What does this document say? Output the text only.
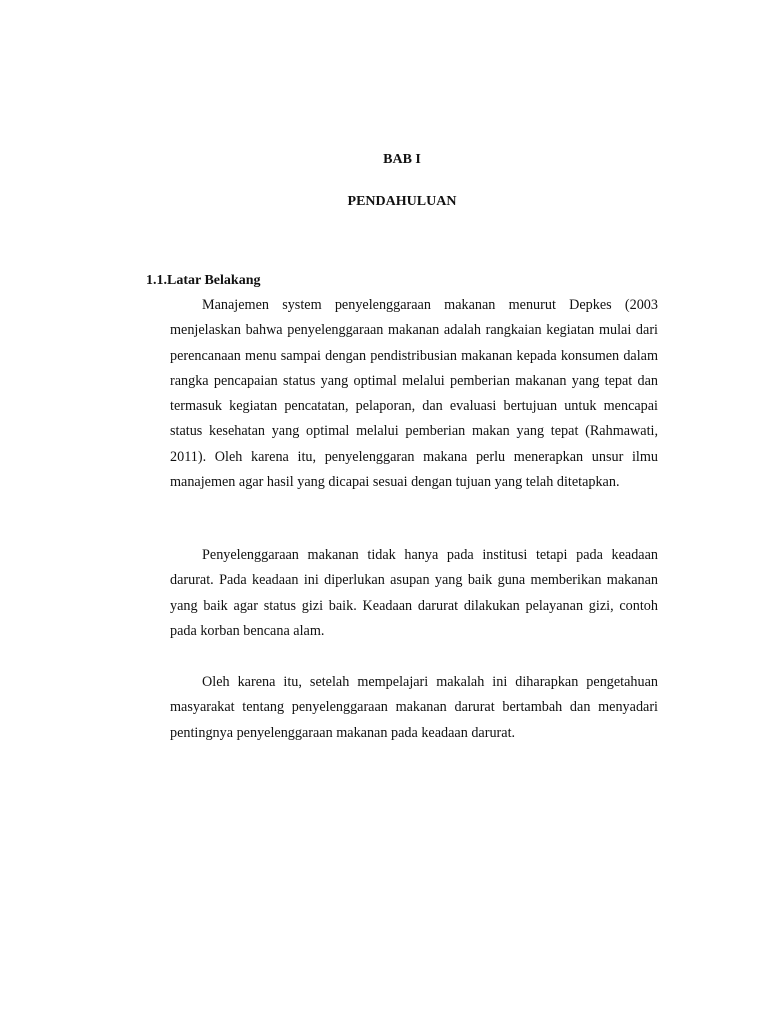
BAB I
PENDAHULUAN
1.1.Latar Belakang

Manajemen system penyelenggaraan makanan menurut Depkes (2003 menjelaskan bahwa penyelenggaraan makanan adalah rangkaian kegiatan mulai dari perencanaan menu sampai dengan pendistribusian makanan kepada konsumen dalam rangka pencapaian status yang optimal melalui pemberian makanan yang tepat dan termasuk kegiatan pencatatan, pelaporan, dan evaluasi bertujuan untuk mencapai status kesehatan yang optimal melalui pemberian makan yang tepat (Rahmawati, 2011). Oleh karena itu, penyelenggaran makana perlu menerapkan unsur ilmu manajemen agar hasil yang dicapai sesuai dengan tujuan yang telah ditetapkan.

Penyelenggaraan makanan tidak hanya pada institusi tetapi pada keadaan darurat. Pada keadaan ini diperlukan asupan yang baik guna memberikan makanan yang baik agar status gizi baik. Keadaan darurat dilakukan pelayanan gizi, contoh pada korban bencana alam.

Oleh karena itu, setelah mempelajari makalah ini diharapkan pengetahuan masyarakat tentang penyelenggaraan makanan darurat bertambah dan menyadari pentingnya penyelenggaraan makanan pada keadaan darurat.
